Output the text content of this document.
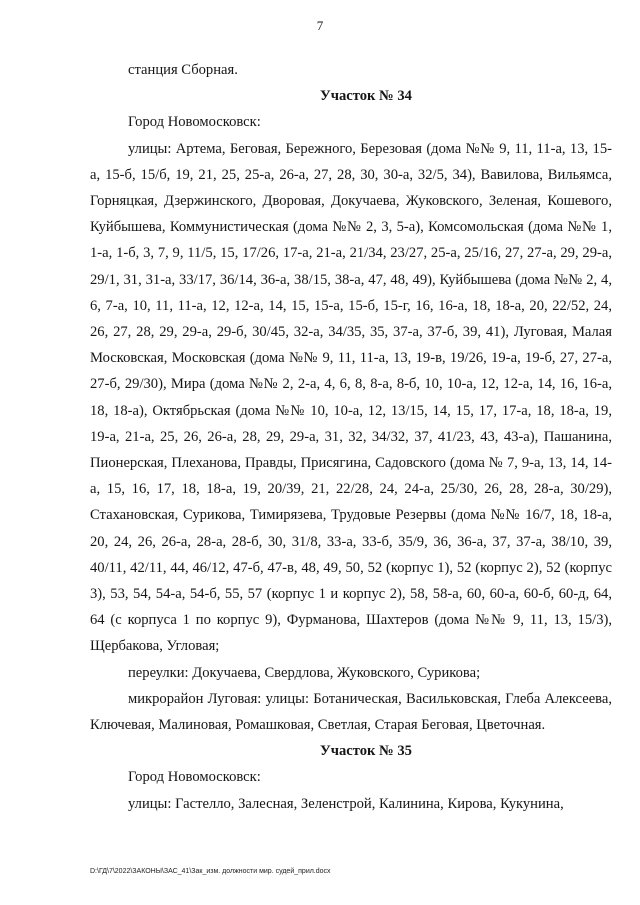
7

станция Сборная.

Участок № 34

Город Новомосковск:

улицы: Артема, Беговая, Бережного, Березовая (дома №№ 9, 11, 11-а, 13, 15-а, 15-б, 15/б, 19, 21, 25, 25-а, 26-а, 27, 28, 30, 30-а, 32/5, 34), Вавилова, Вильямса, Горняцкая, Дзержинского, Дворовая, Докучаева, Жуковского, Зеленая, Кошевого, Куйбышева, Коммунистическая (дома №№ 2, 3, 5-а), Комсомольская (дома №№ 1, 1-а, 1-б, 3, 7, 9, 11/5, 15, 17/26, 17-а, 21-а, 21/34, 23/27, 25-а, 25/16, 27, 27-а, 29, 29-а, 29/1, 31, 31-а, 33/17, 36/14, 36-а, 38/15, 38-а, 47, 48, 49), Куйбышева (дома №№ 2, 4, 6, 7-а, 10, 11, 11-а, 12, 12-а, 14, 15, 15-а, 15-б, 15-г, 16, 16-а, 18, 18-а, 20, 22/52, 24, 26, 27, 28, 29, 29-а, 29-б, 30/45, 32-а, 34/35, 35, 37-а, 37-б, 39, 41), Луговая, Малая Московская, Московская (дома №№ 9, 11, 11-а, 13, 19-в, 19/26, 19-а, 19-б, 27, 27-а, 27-б, 29/30), Мира (дома №№ 2, 2-а, 4, 6, 8, 8-а, 8-б, 10, 10-а, 12, 12-а, 14, 16, 16-а, 18, 18-а), Октябрьская (дома №№ 10, 10-а, 12, 13/15, 14, 15, 17, 17-а, 18, 18-а, 19, 19-а, 21-а, 25, 26, 26-а, 28, 29, 29-а, 31, 32, 34/32, 37, 41/23, 43, 43-а), Пашанина, Пионерская, Плеханова, Правды, Присягина, Садовского (дома № 7, 9-а, 13, 14, 14-а, 15, 16, 17, 18, 18-а, 19, 20/39, 21, 22/28, 24, 24-а, 25/30, 26, 28, 28-а, 30/29), Стахановская, Сурикова, Тимирязева, Трудовые Резервы (дома №№ 16/7, 18, 18-а, 20, 24, 26, 26-а, 28-а, 28-б, 30, 31/8, 33-а, 33-б, 35/9, 36, 36-а, 37, 37-а, 38/10, 39, 40/11, 42/11, 44, 46/12, 47-б, 47-в, 48, 49, 50, 52 (корпус 1), 52 (корпус 2), 52 (корпус 3), 53, 54, 54-а, 54-б, 55, 57 (корпус 1 и корпус 2), 58, 58-а, 60, 60-а, 60-б, 60-д, 64, 64 (с корпуса 1 по корпус 9), Фурманова, Шахтеров (дома №№ 9, 11, 13, 15/3), Щербакова, Угловая;

переулки: Докучаева, Свердлова, Жуковского, Сурикова;

микрорайон Луговая: улицы: Ботаническая, Васильковская, Глеба Алексеева, Ключевая, Малиновая, Ромашковая, Светлая, Старая Беговая, Цветочная.

Участок № 35

Город Новомосковск:

улицы: Гастелло, Залесная, Зеленстрой, Калинина, Кирова, Кукунина,

D:\ГД\7\2022\ЗАКОНЫ\ЗАС_41\Зак_изм. должности мир. судей_прил.docx
